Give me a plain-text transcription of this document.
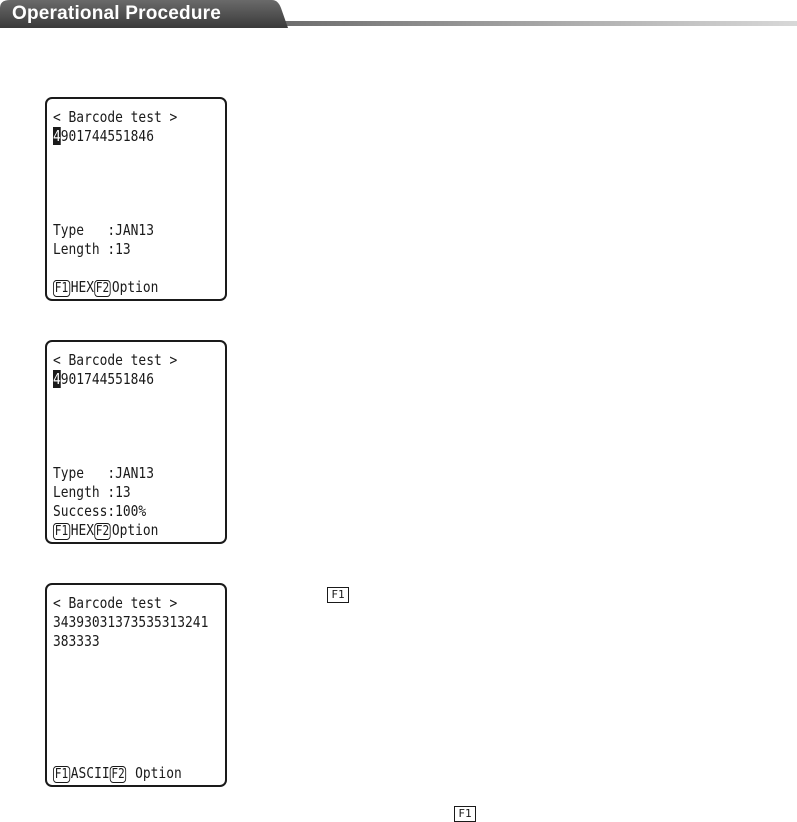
Operational Procedure
< Barcode test >
4901744551846
Type   :JAN13
Length :13
F1 HEX F2 Option
< Barcode test >
4901744551846
Type   :JAN13
Length :13
Success:100%
F1 HEX F2 Option
< Barcode test >
34393031373535313241
383333
F1 ASCII F2 Option
F1
F1
